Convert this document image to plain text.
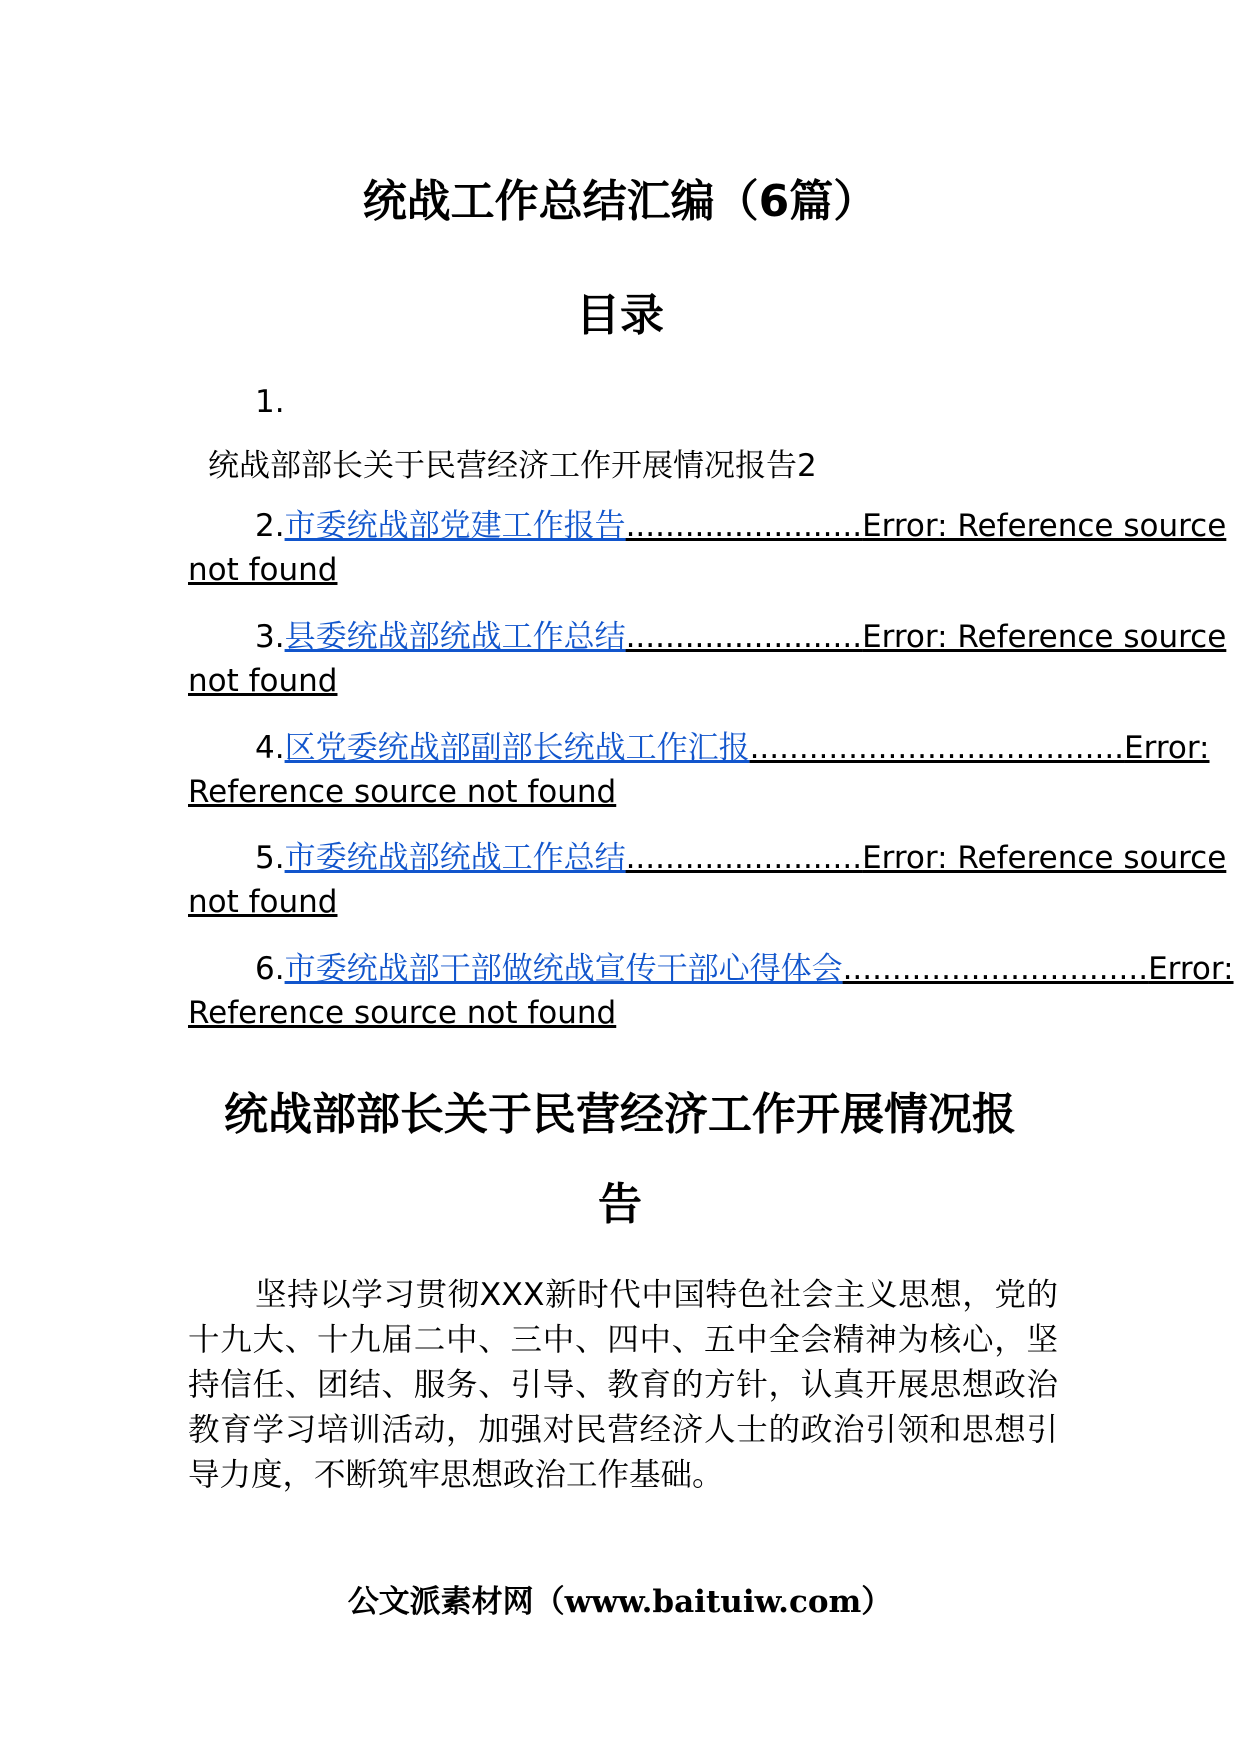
统战工作总结汇编（6篇）
目录
1.
统战部部长关于民营经济工作开展情况报告2
2.市委统战部党建工作报告........................Error: Reference source
not found
3.县委统战部统战工作总结........................Error: Reference source
not found
4.区党委统战部副部长统战工作汇报......................................Error:
Reference source not found
5.市委统战部统战工作总结........................Error: Reference source
not found
6.市委统战部干部做统战宣传干部心得体会...............................Error:
Reference source not found
统战部部长关于民营经济工作开展情况报
告
坚持以学习贯彻XXX新时代中国特色社会主义思想，党的十九大、十九届二中、三中、四中、五中全会精神为核心，坚持信任、团结、服务、引导、教育的方针，认真开展思想政治教育学习培训活动，加强对民营经济人士的政治引领和思想引导力度，不断筑牢思想政治工作基础。
公文派素材网（www.baituiw.com）
